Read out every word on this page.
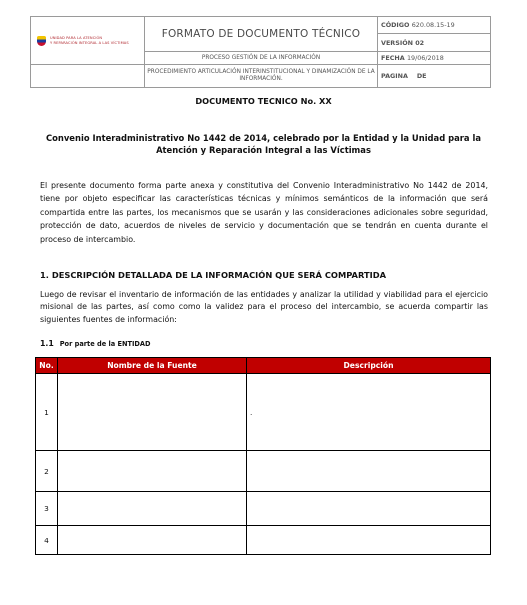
UNIDAD PARA LA ATENCIÓN
Y REPARACIÓN INTEGRAL A LAS VÍCTIMAS	FORMATO DE DOCUMENTO TÉCNICO	CÓDIGO 620.08.15-19
		VERSIÓN 02
	PROCESO GESTIÓN DE LA INFORMACIÓN	FECHA 19/06/2018
	PROCEDIMIENTO ARTICULACIÓN INTERINSTITUCIONAL Y DINAMIZACIÓN DE LA INFORMACIÓN.	PAGINA DE
DOCUMENTO TECNICO No. XX
Convenio Interadministrativo No 1442 de 2014, celebrado por la Entidad y la Unidad para la Atención y Reparación Integral a las Víctimas
El presente documento forma parte anexa y constitutiva del Convenio Interadministrativo No 1442 de 2014, tiene por objeto especificar las características técnicas y mínimos semánticos de la información que será compartida entre las partes, los mecanismos que se usarán y las consideraciones adicionales sobre seguridad, protección de dato, acuerdos de niveles de servicio y documentación que se tendrán en cuenta durante el proceso de intercambio.
1. DESCRIPCIÓN DETALLADA DE LA INFORMACIÓN QUE SERÁ COMPARTIDA
Luego de revisar el inventario de información de las entidades y analizar la utilidad y viabilidad para el ejercicio misional de las partes, así como como la validez para el proceso del intercambio, se acuerda compartir las siguientes fuentes de información:
1.1 Por parte de la ENTIDAD
No.	Nombre de la Fuente	Descripción
1		.
2		
3		
4		
